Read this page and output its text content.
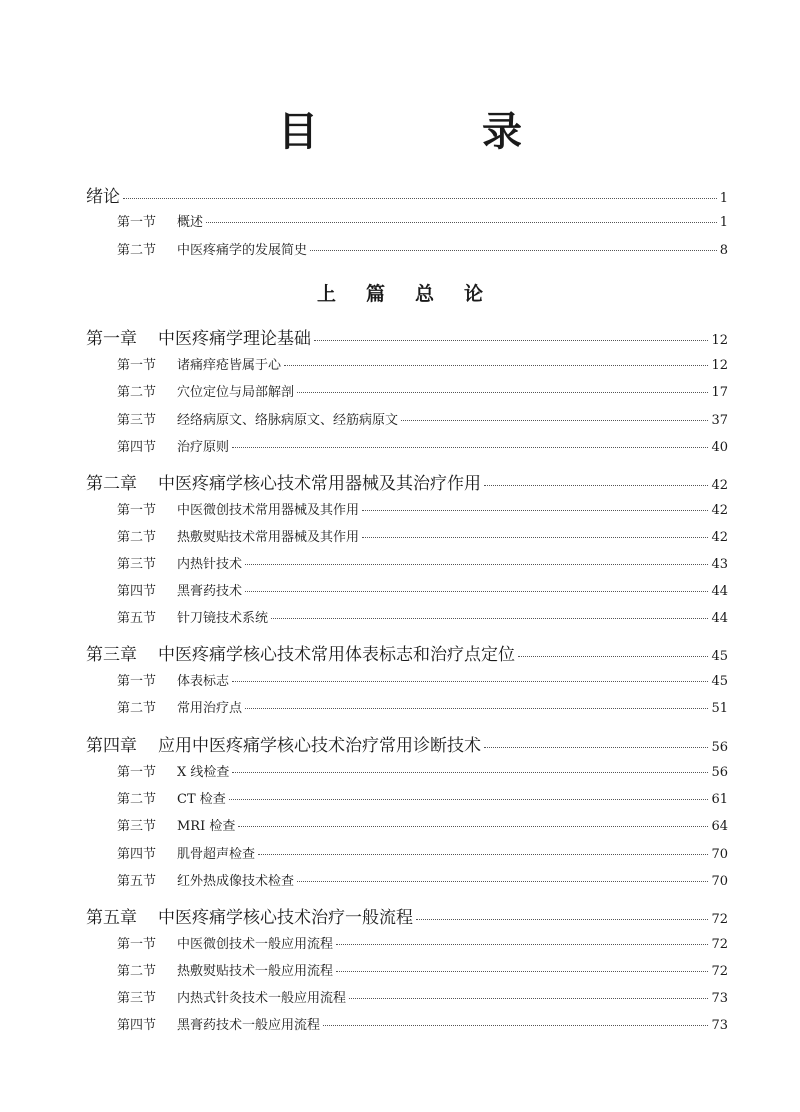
目　录
上篇总论
绪论	1
第一节 概述	1
第二节 中医疼痛学的发展简史	8
第一章 中医疼痛学理论基础	12
第一节 诸痛痒疮皆属于心	12
第二节 穴位定位与局部解剖	17
第三节 经络病原文、络脉病原文、经筋病原文	37
第四节 治疗原则	40
第二章 中医疼痛学核心技术常用器械及其治疗作用	42
第一节 中医微创技术常用器械及其作用	42
第二节 热敷熨贴技术常用器械及其作用	42
第三节 内热针技术	43
第四节 黑膏药技术	44
第五节 针刀镜技术系统	44
第三章 中医疼痛学核心技术常用体表标志和治疗点定位	45
第一节 体表标志	45
第二节 常用治疗点	51
第四章 应用中医疼痛学核心技术治疗常用诊断技术	56
第一节 X 线检查	56
第二节 CT 检查	61
第三节 MRI 检查	64
第四节 肌骨超声检查	70
第五节 红外热成像技术检查	70
第五章 中医疼痛学核心技术治疗一般流程	72
第一节 中医微创技术一般应用流程	72
第二节 热敷熨贴技术一般应用流程	72
第三节 内热式针灸技术一般应用流程	73
第四节 黑膏药技术一般应用流程	73
